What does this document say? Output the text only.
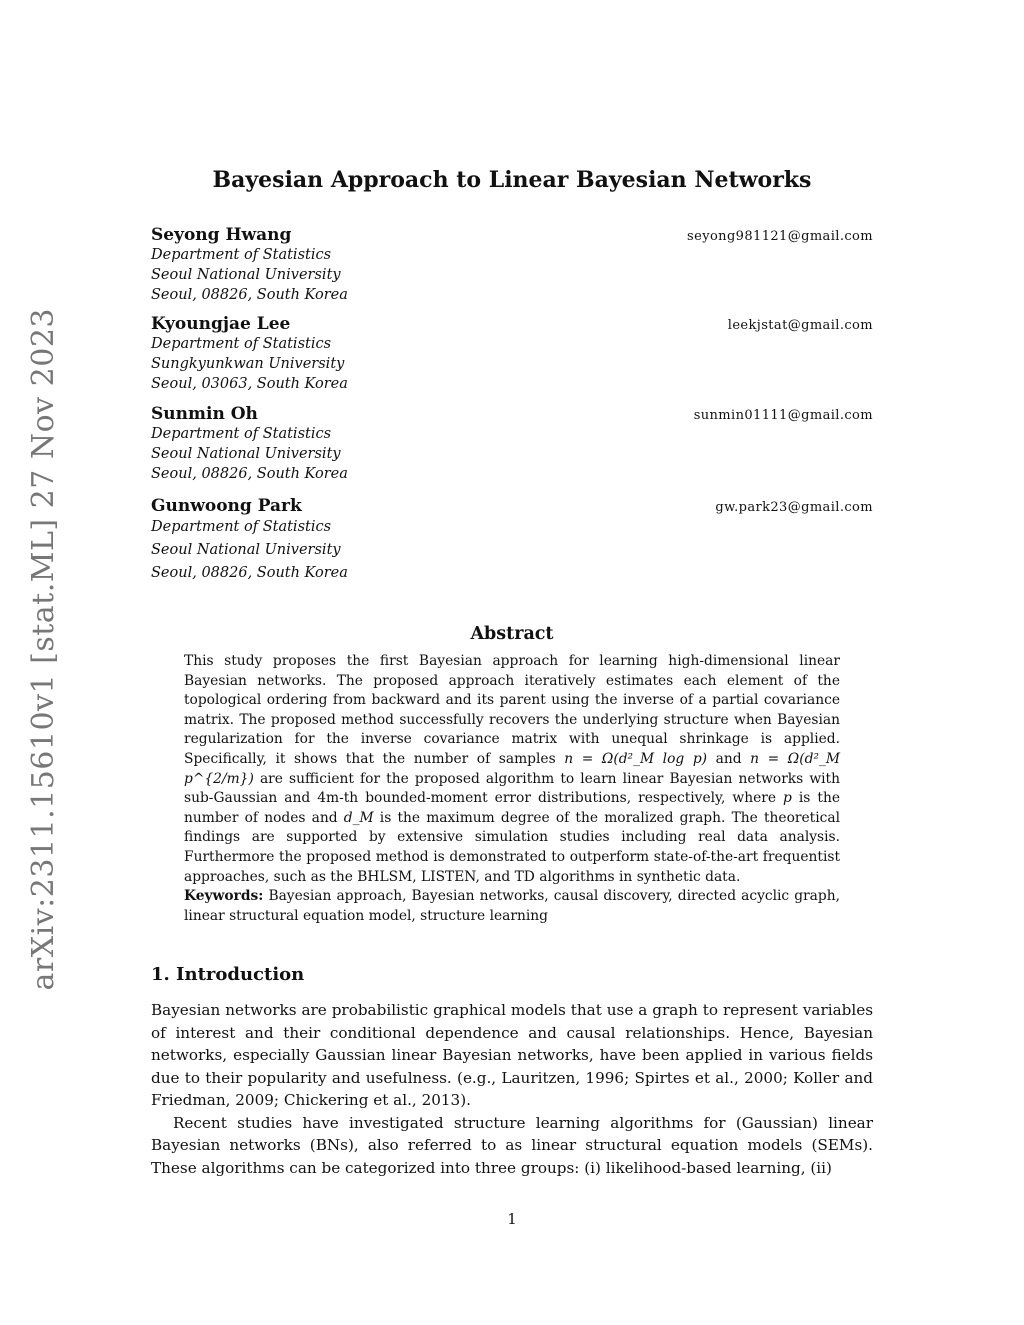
arXiv:2311.15610v1 [stat.ML] 27 Nov 2023
Bayesian Approach to Linear Bayesian Networks
Seyong Hwang	seyong981121@gmail.com
Department of Statistics
Seoul National University
Seoul, 08826, South Korea
Kyoungjae Lee	leekjstat@gmail.com
Department of Statistics
Sungkyunkwan University
Seoul, 03063, South Korea
Sunmin Oh	sunmin01111@gmail.com
Department of Statistics
Seoul National University
Seoul, 08826, South Korea
Gunwoong Park	gw.park23@gmail.com
Department of Statistics
Seoul National University
Seoul, 08826, South Korea
Abstract

This study proposes the first Bayesian approach for learning high-dimensional linear Bayesian networks. The proposed approach iteratively estimates each element of the topological ordering from backward and its parent using the inverse of a partial covariance matrix. The proposed method successfully recovers the underlying structure when Bayesian regularization for the inverse covariance matrix with unequal shrinkage is applied. Specifically, it shows that the number of samples n = Ω(d²_M log p) and n = Ω(d²_M p^{2/m}) are sufficient for the proposed algorithm to learn linear Bayesian networks with sub-Gaussian and 4m-th bounded-moment error distributions, respectively, where p is the number of nodes and d_M is the maximum degree of the moralized graph. The theoretical findings are supported by extensive simulation studies including real data analysis. Furthermore the proposed method is demonstrated to outperform state-of-the-art frequentist approaches, such as the BHLSM, LISTEN, and TD algorithms in synthetic data.

Keywords: Bayesian approach, Bayesian networks, causal discovery, directed acyclic graph, linear structural equation model, structure learning

1. Introduction

Bayesian networks are probabilistic graphical models that use a graph to represent variables of interest and their conditional dependence and causal relationships. Hence, Bayesian networks, especially Gaussian linear Bayesian networks, have been applied in various fields due to their popularity and usefulness. (e.g., Lauritzen, 1996; Spirtes et al., 2000; Koller and Friedman, 2009; Chickering et al., 2013).

Recent studies have investigated structure learning algorithms for (Gaussian) linear Bayesian networks (BNs), also referred to as linear structural equation models (SEMs). These algorithms can be categorized into three groups: (i) likelihood-based learning, (ii)

1
